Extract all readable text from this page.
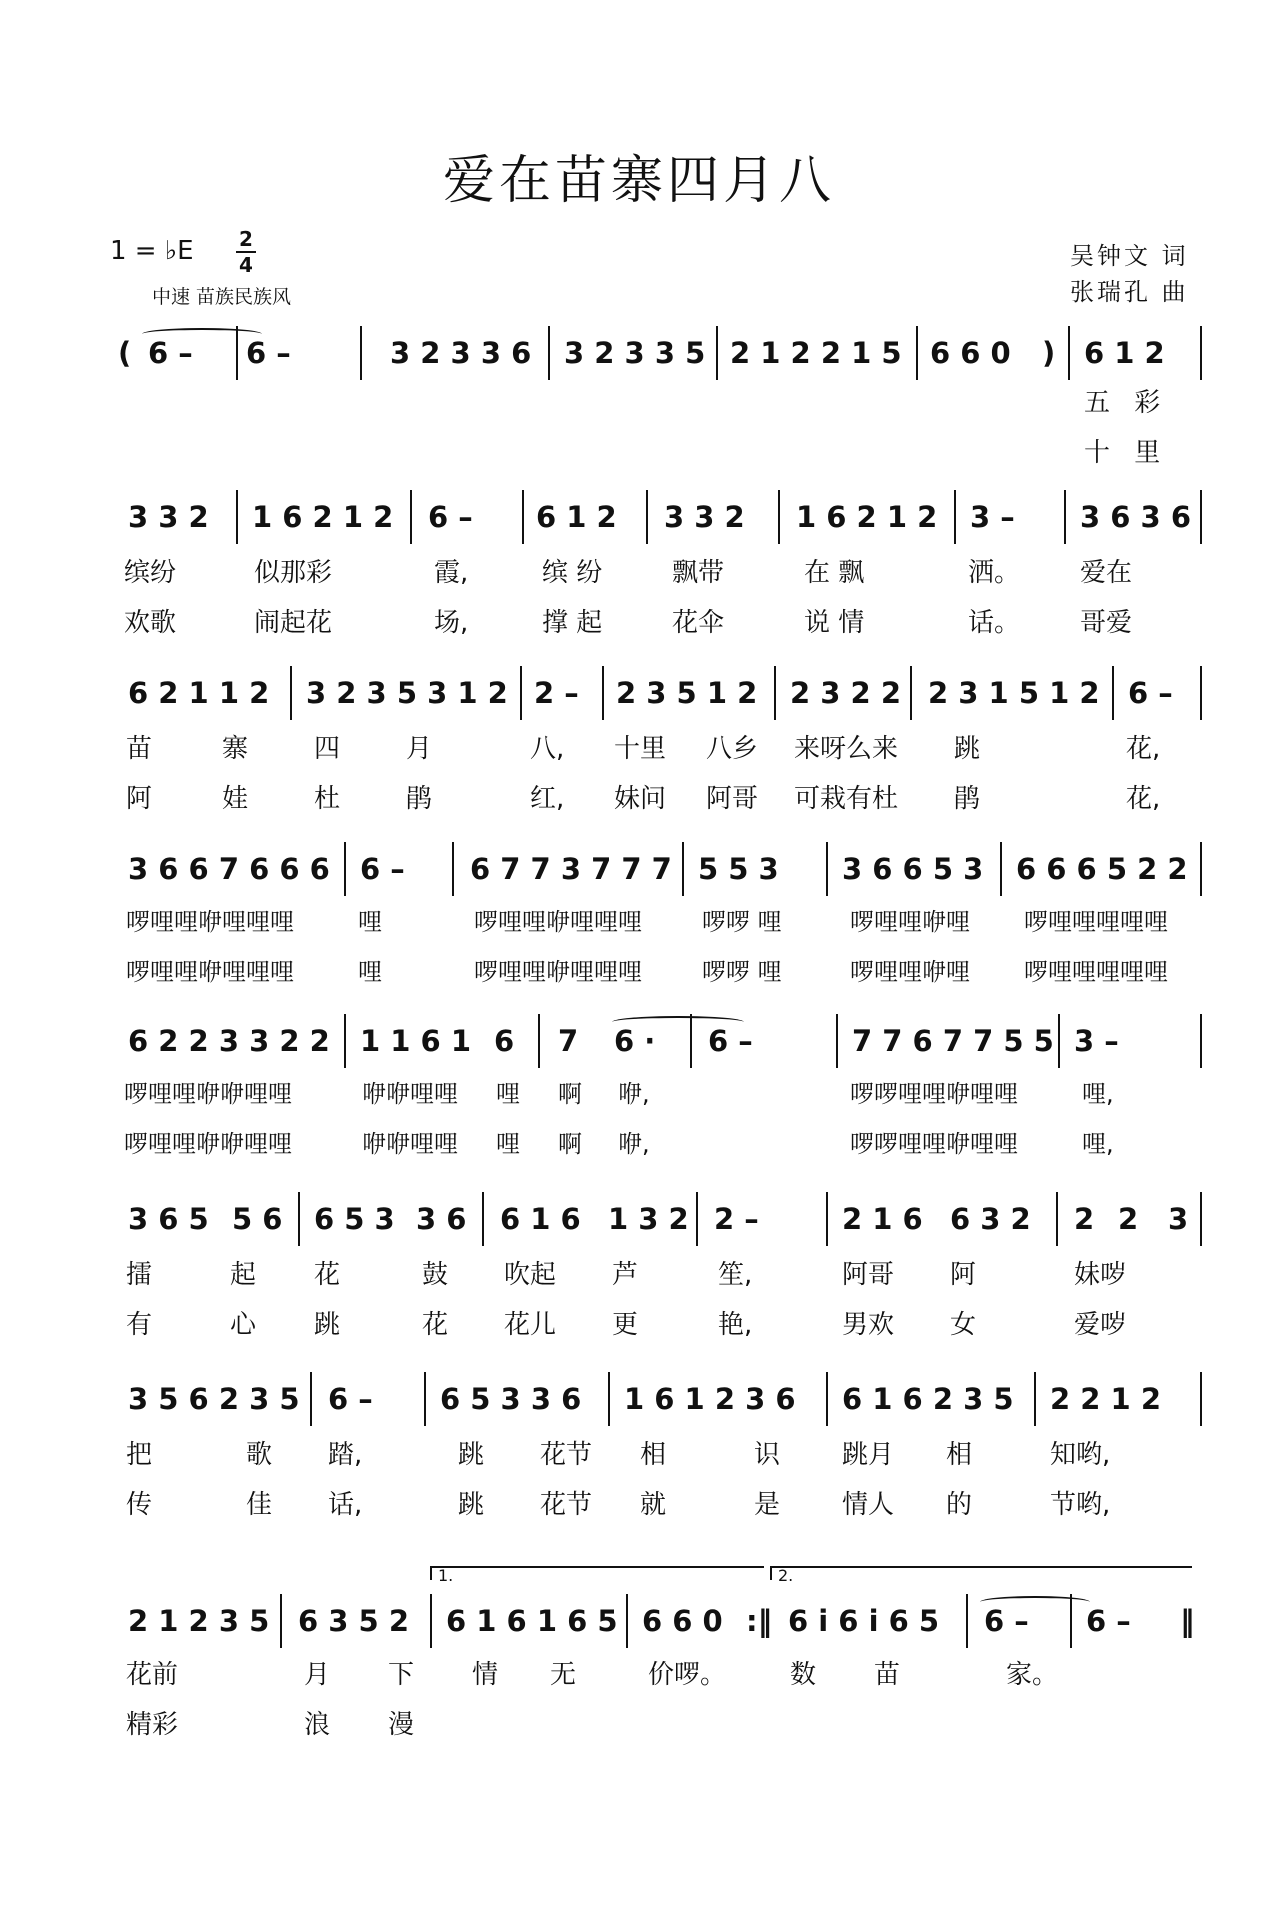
爱在苗寨四月八
1 = ♭E 2
4
中速 苗族民族风
吴钟文 词
张瑞孔 曲
( 6 – 6 –	3 2 3 3 6 3 2 3 3 5 2 1 2 2 1 5 6 6 0 ) 6 1 2
五 彩
十 里
3 3 2 1 6 2 1 2 6 – 6 1 2 3 3 2 1 6 2 1 2 3 – 3 6 3 6
缤纷	似那彩	霞,	缤 纷	飘带	在 飘	洒。 爱在
欢歌	闹起花	场,	撑 起	花伞	说 情	话。 哥爱
6 2 1 1 2 3 2 3 5 3 1 2 2 – 2 3 5 1 2 2 3 2 2 2 3 1 5 1 2 6 –
苗	寨	四	月	八, 十里 八乡 来呀么来 跳	花,
阿	娃	杜	鹃	红, 妹问 阿哥 可栽有杜 鹃	花,
3 6 6 7 6 6 6 6 – 6 7 7 3 7 7 7 5 5 3 3 6 6 5 3 6 6 6 5 2 2
啰哩哩咿哩哩哩	哩	啰哩哩咿哩哩哩	啰啰 哩	啰哩哩咿哩 啰哩哩哩哩哩
啰哩哩咿哩哩哩	哩	啰哩哩咿哩哩哩	啰啰 哩	啰哩哩咿哩 啰哩哩哩哩哩
6 2 2 3 3 2 2 1 1 6 1 6 7 6 · 6 –	7 7 6 7 7 5 5 3 –
啰哩哩咿咿哩哩	咿咿哩哩 哩 啊 咿,	啰啰哩哩咿哩哩	哩,
啰哩哩咿咿哩哩	咿咿哩哩 哩 啊 咿,	啰啰哩哩咿哩哩	哩,
3 6 5 5 6 6 5 3 3 6 6 1 6 1 3 2 2 –	2 1 6 6 3 2 2 2 3
擂	起 花	鼓 吹起 芦	笙,	阿哥 阿	妹哕
有	心 跳	花 花儿 更	艳,	男欢 女	爱哕
3 5 6 2 3 5 6 – 6 5 3 3 6 1 6 1 2 3 6 6 1 6 2 3 5 2 2 1 2
把	歌 踏,	跳 花节 相	识 跳月 相	知哟,
传	佳 话,	跳 花节 就	是 情人 的	节哟,
1.	2.
2 1 2 3 5 6 3 5 2 6 1 6 1 6 5 6 6 0 :‖ 6 i 6 i 6 5 6 – 6 – ‖
花前	月 下 情 无	价啰。 数 苗	家。
精彩	浪 漫
